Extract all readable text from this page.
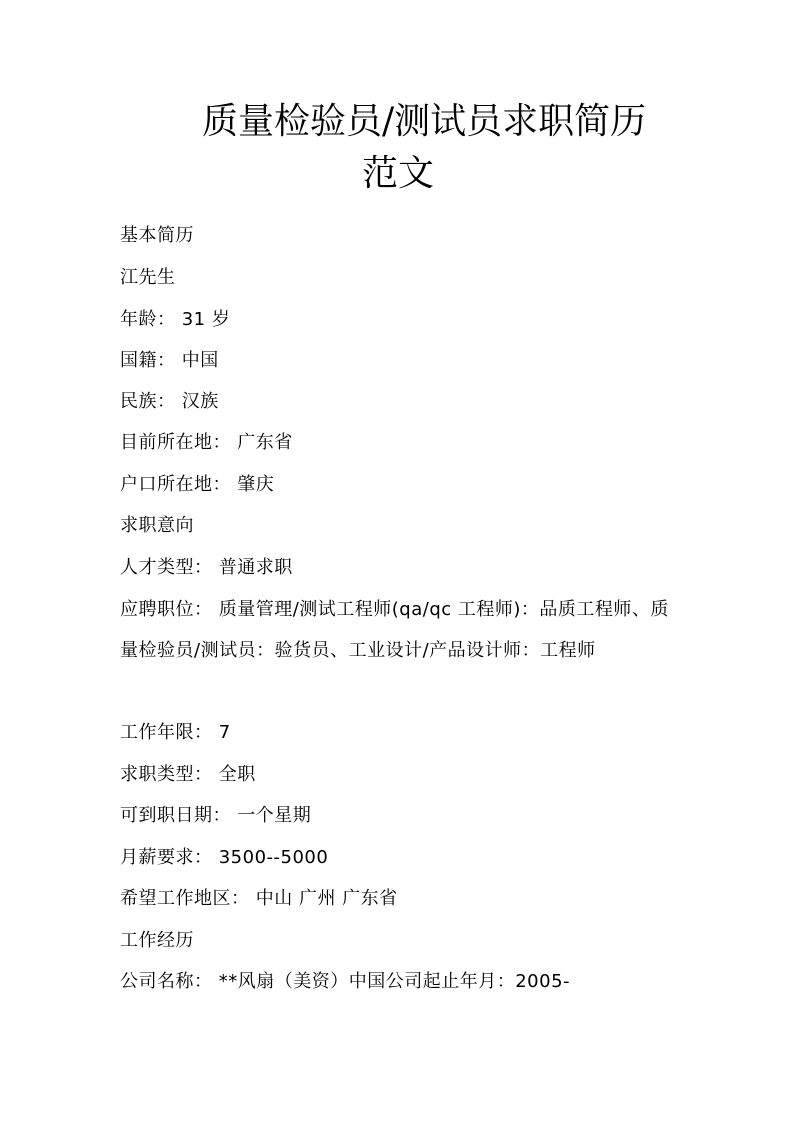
质量检验员/测试员求职简历
范文
基本简历
江先生
年龄： 31 岁
国籍： 中国
民族： 汉族
目前所在地： 广东省
户口所在地： 肇庆
求职意向
人才类型： 普通求职
应聘职位： 质量管理/测试工程师(qa/qc 工程师)：品质工程师、质量检验员/测试员：验货员、工业设计/产品设计师：工程师
工作年限： 7
求职类型： 全职
可到职日期： 一个星期
月薪要求： 3500--5000
希望工作地区： 中山 广州 广东省
工作经历
公司名称： **风扇（美资）中国公司起止年月：2005-
